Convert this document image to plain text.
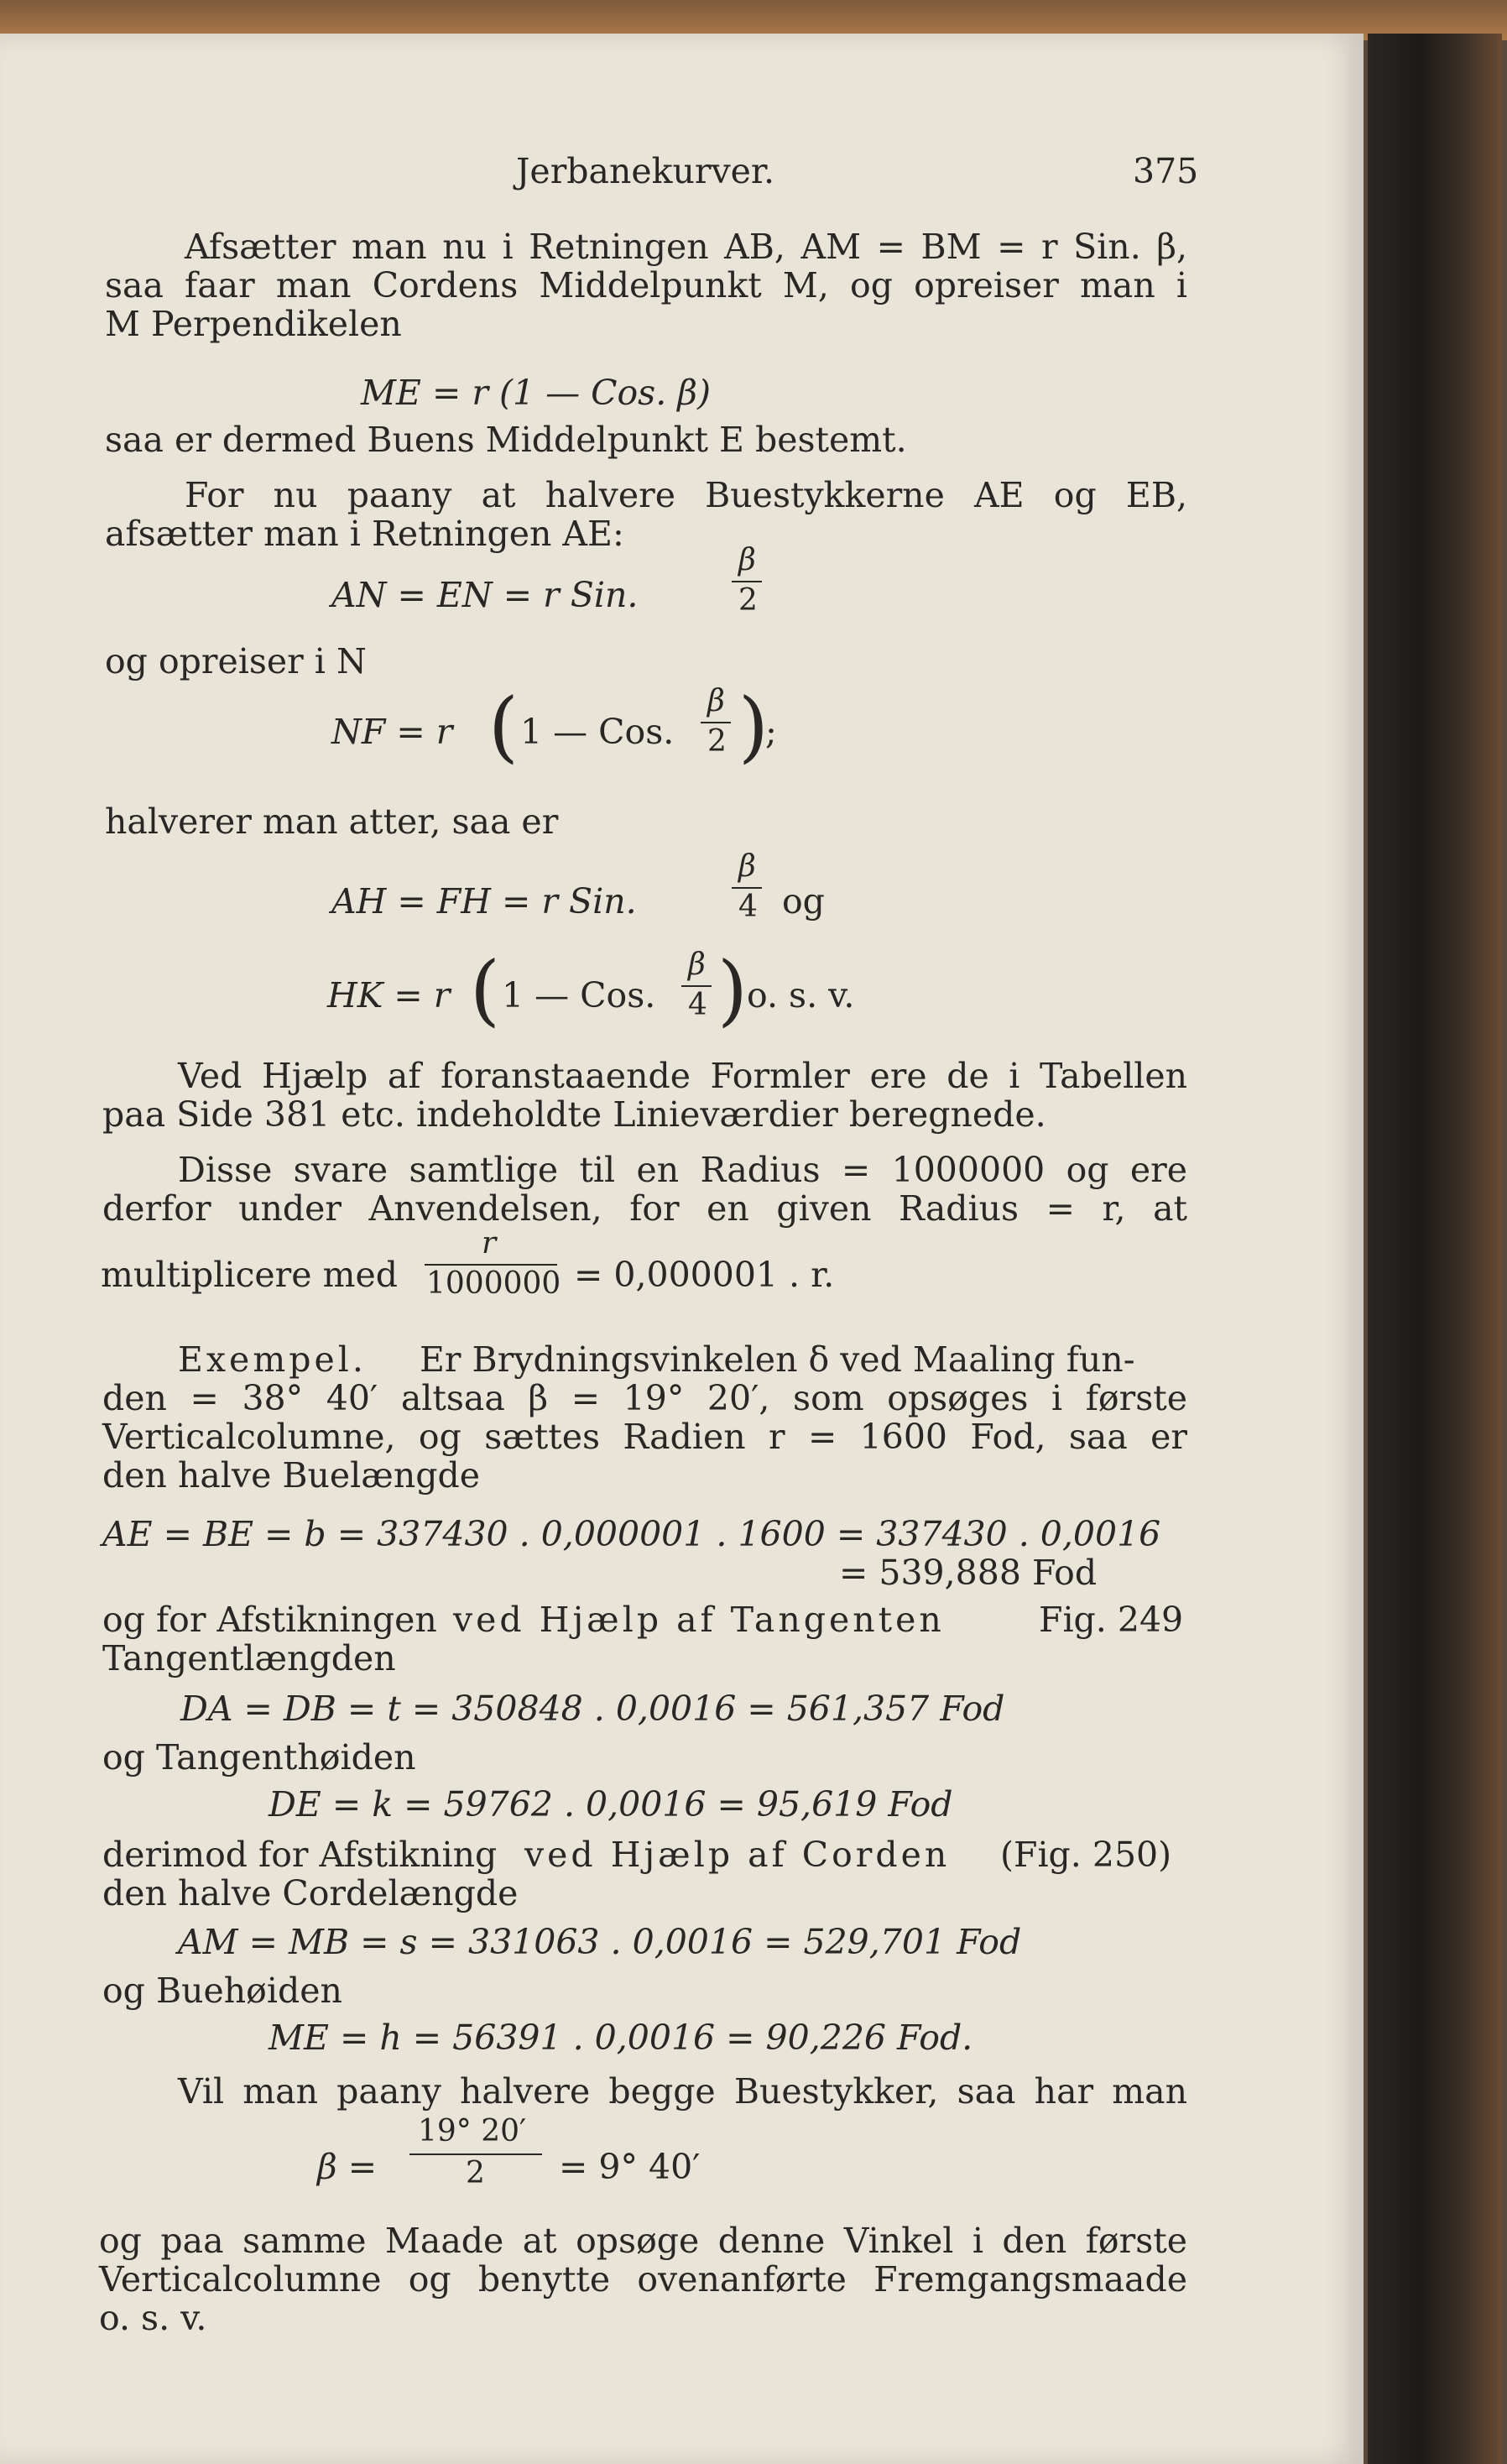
Jerbanekurver.	375
Afsætter man nu i Retningen AB, AM = BM = r Sin. β,
saa faar man Cordens Middelpunkt M, og opreiser man i
M Perpendikelen
ME = r (1 — Cos. β)
saa er dermed Buens Middelpunkt E bestemt.
For nu paany at halvere Buestykkerne AE og EB,
afsætter man i Retningen AE:
AN = EN = r Sin.
β
2
og opreiser i N
NF = r ( 1 — Cos.
β
2 )
;
halverer man atter, saa er
AH = FH = r Sin.
β
4 og
HK = r ( 1 — Cos.
β
4 ) o. s. v.
Ved Hjælp af foranstaaende Formler ere de i Tabellen
paa Side 381 etc. indeholdte Linieværdier beregnede.
Disse svare samtlige til en Radius = 1000000 og ere
derfor under Anvendelsen, for en given Radius = r, at
multiplicere med
r
1000000 = 0,000001 . r.
Exempel. Er Brydningsvinkelen δ ved Maaling fun-
den = 38° 40′ altsaa β = 19° 20′, som opsøges i første
Verticalcolumne, og sættes Radien r = 1600 Fod, saa er
den halve Buelængde
AE = BE = b = 337430 . 0,000001 . 1600 = 337430 . 0,0016
= 539,888 Fod
og for Afstikningen ved Hjælp af Tangenten	Fig. 249
Tangentlængden
DA = DB = t = 350848 . 0,0016 = 561,357 Fod
og Tangenthøiden
DE = k = 59762 . 0,0016 = 95,619 Fod
derimod for Afstikning ved Hjælp af Corden (Fig. 250)
den halve Cordelængde
AM = MB = s = 331063 . 0,0016 = 529,701 Fod
og Buehøiden
ME = h = 56391 . 0,0016 = 90,226 Fod.
Vil man paany halvere begge Buestykker, saa har man
β =
19° 20′
2 = 9° 40′
og paa samme Maade at opsøge denne Vinkel i den første
Verticalcolumne og benytte ovenanførte Fremgangsmaade
o. s. v.
